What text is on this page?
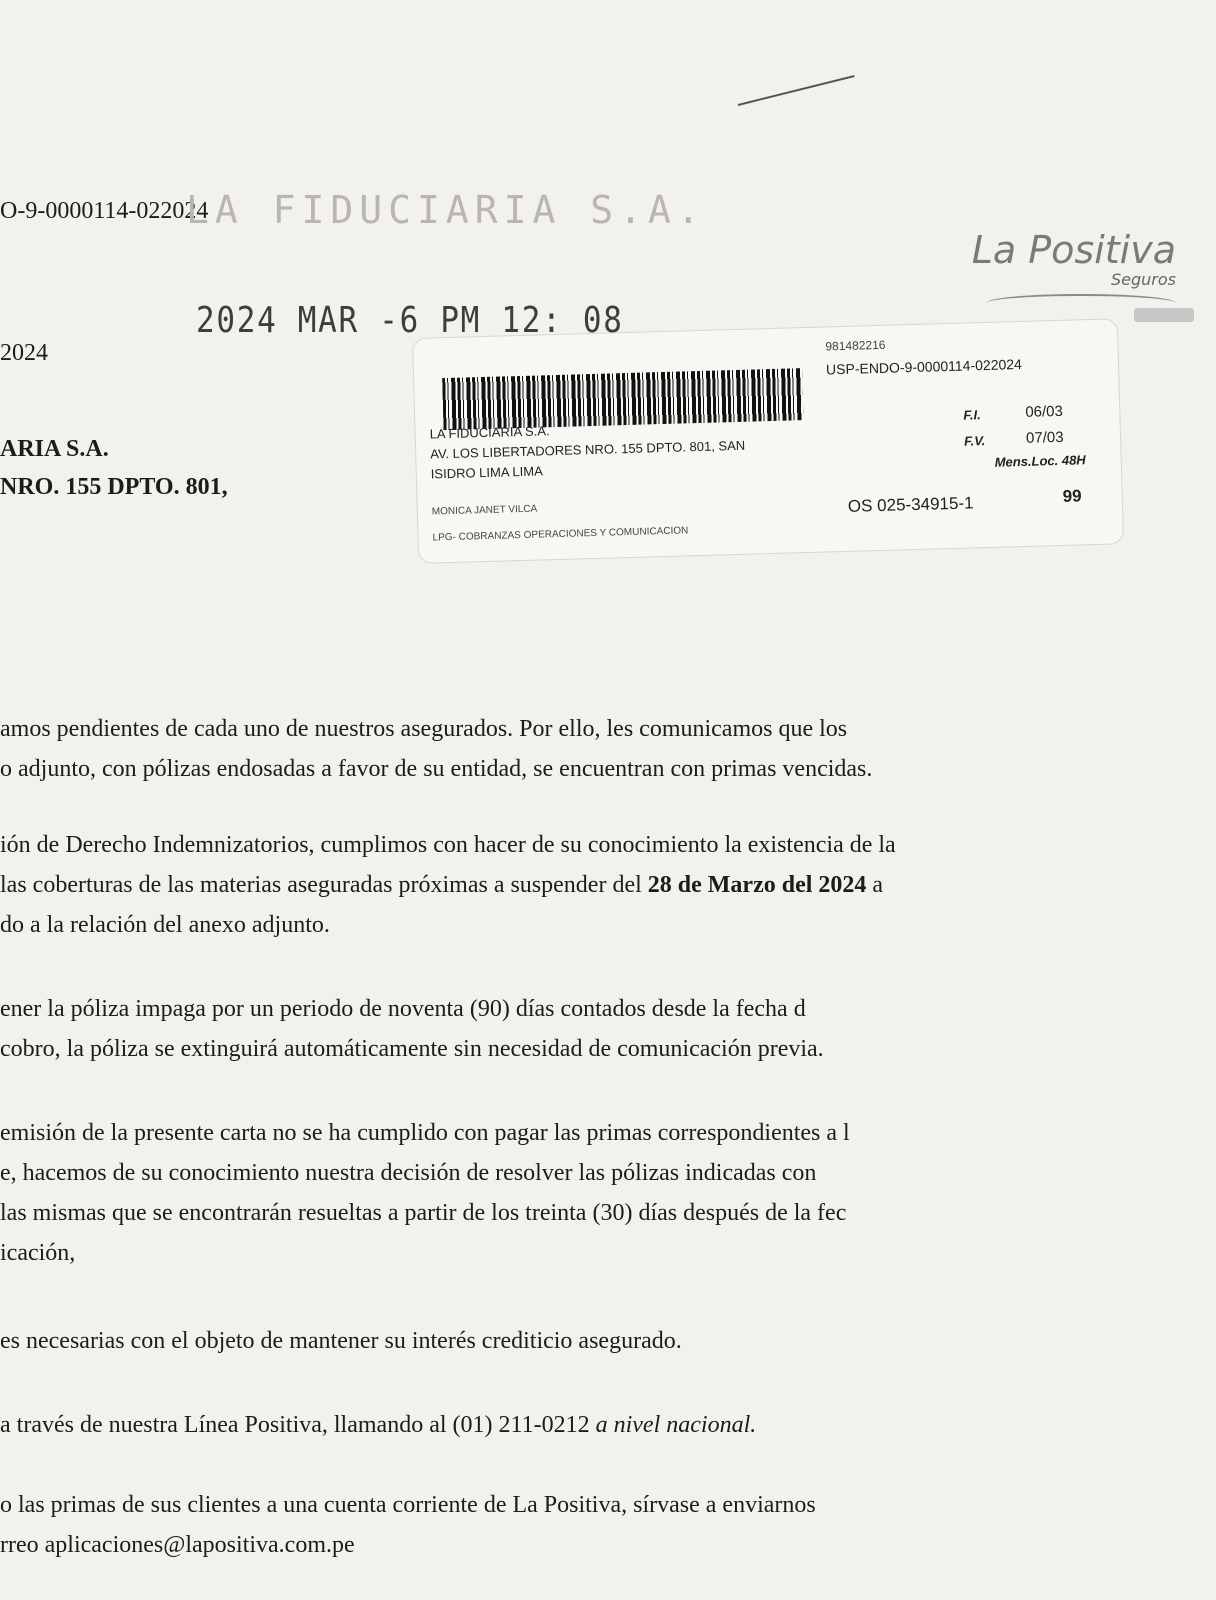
O-9-0000114-022024
LA FIDUCIARIA S.A.
La Positiva
Seguros
2024 MAR -6 PM 12: 08
2024
ARIA S.A.
NRO. 155 DPTO. 801,
981482216
USP-ENDO-9-0000114-022024
LA FIDUCIARIA S.A.
AV. LOS LIBERTADORES NRO. 155 DPTO. 801, SAN
ISIDRO LIMA LIMA
MONICA JANET VILCA
LPG- COBRANZAS OPERACIONES Y COMUNICACION
F.I.	06/03
F.V.	07/03
Mens.Loc. 48H
OS 025-34915-1	99
amos pendientes de cada uno de nuestros asegurados. Por ello, les comunicamos que los
o adjunto, con pólizas endosadas a favor de su entidad, se encuentran con primas vencidas.
ión de Derecho Indemnizatorios, cumplimos con hacer de su conocimiento la existencia de la
las coberturas de las materias aseguradas próximas a suspender del 28 de Marzo del 2024 a
do a la relación del anexo adjunto.
ener la póliza impaga por un periodo de noventa (90) días contados desde la fecha d
cobro, la póliza se extinguirá automáticamente sin necesidad de comunicación previa.
emisión de la presente carta no se ha cumplido con pagar las primas correspondientes a l
e, hacemos de su conocimiento nuestra decisión de resolver las pólizas indicadas con
las mismas que se encontrarán resueltas a partir de los treinta (30) días después de la fec
icación,
es necesarias con el objeto de mantener su interés crediticio asegurado.
a través de nuestra Línea Positiva, llamando al (01) 211-0212 a nivel nacional.
o las primas de sus clientes a una cuenta corriente de La Positiva, sírvase a enviarnos
rreo aplicaciones@lapositiva.com.pe
